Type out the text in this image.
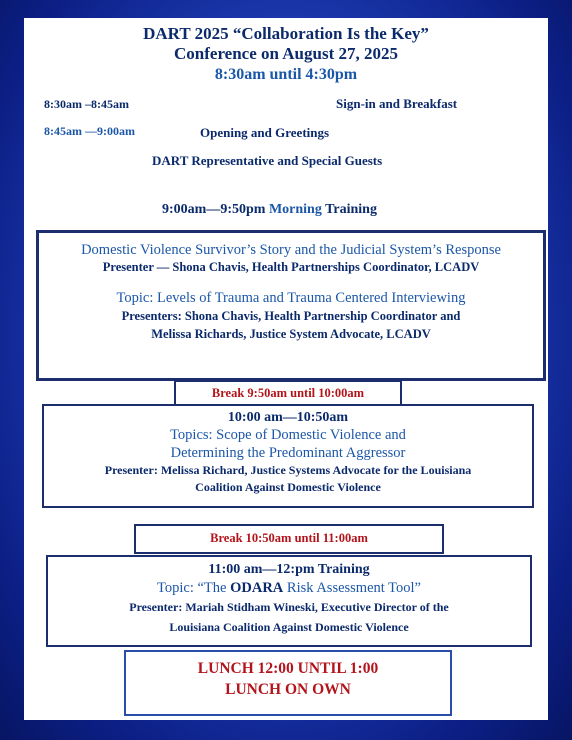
DART 2025 “Collaboration Is the Key”
Conference on August 27, 2025
8:30am until 4:30pm
8:30am –8:45am	Sign-in and Breakfast
8:45am —9:00am	Opening and Greetings
DART Representative and Special Guests
9:00am—9:50pm Morning Training
Domestic Violence Survivor’s Story and the Judicial System’s Response
Presenter — Shona Chavis, Health Partnerships Coordinator, LCADV
Topic: Levels of Trauma and Trauma Centered Interviewing
Presenters: Shona Chavis, Health Partnership Coordinator and
Melissa Richards, Justice System Advocate, LCADV
Break 9:50am until 10:00am
10:00 am—10:50am
Topics: Scope of Domestic Violence and
Determining the Predominant Aggressor
Presenter: Melissa Richard, Justice Systems Advocate for the Louisiana
Coalition Against Domestic Violence
Break 10:50am until 11:00am
11:00 am—12:pm Training
Topic: “The ODARA Risk Assessment Tool”
Presenter: Mariah Stidham Wineski, Executive Director of the
Louisiana Coalition Against Domestic Violence
LUNCH 12:00 UNTIL 1:00
LUNCH ON OWN
